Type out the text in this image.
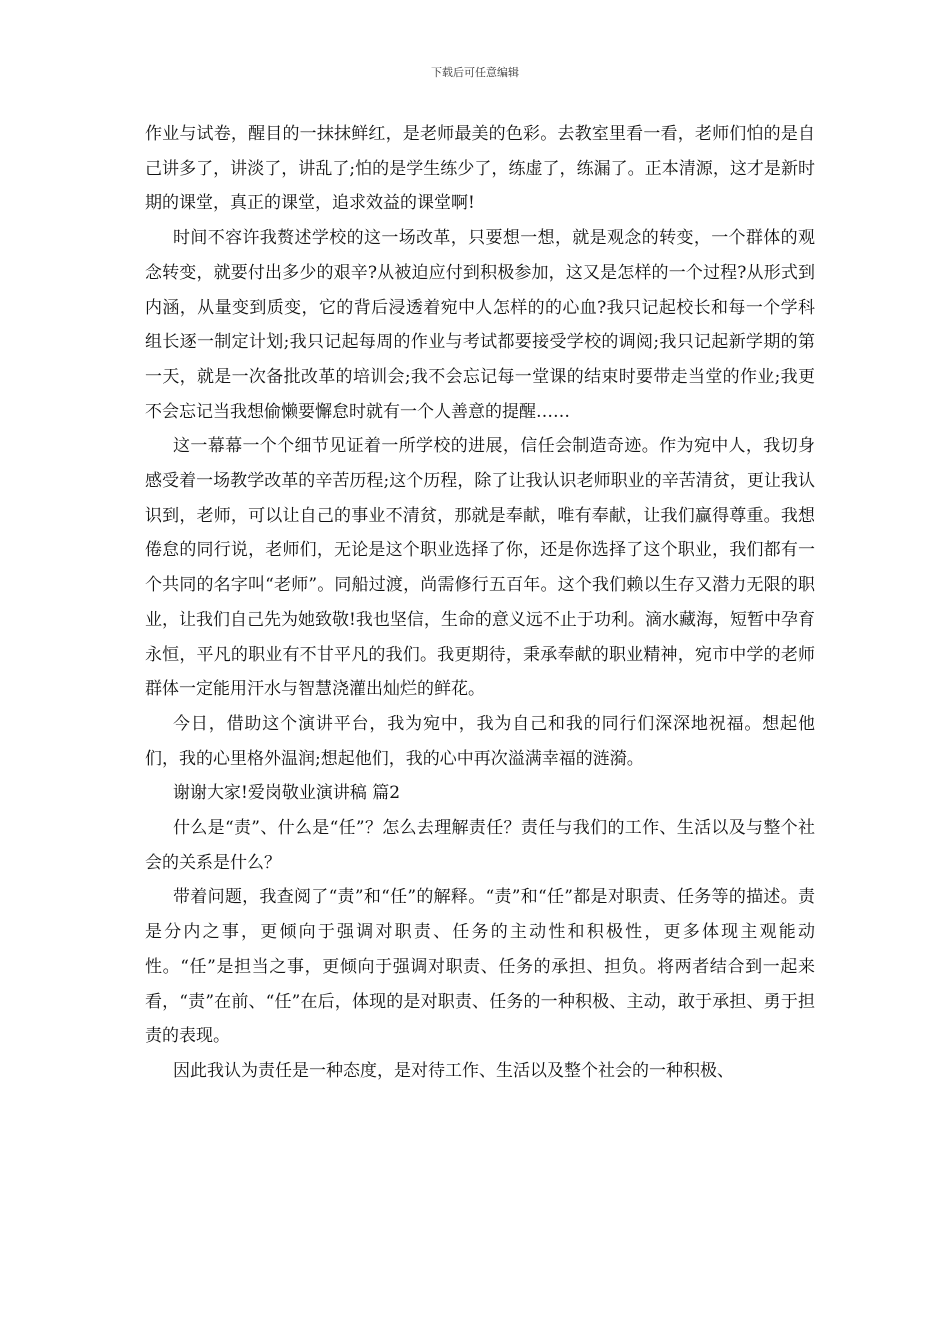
下载后可任意编辑

作业与试卷，醒目的一抹抹鲜红，是老师最美的色彩。去教室里看一看，老师们怕的是自己讲多了，讲淡了，讲乱了;怕的是学生练少了，练虚了，练漏了。正本清源，这才是新时期的课堂，真正的课堂，追求效益的课堂啊!

时间不容许我赘述学校的这一场改革，只要想一想，就是观念的转变，一个群体的观念转变，就要付出多少的艰辛?从被迫应付到积极参加，这又是怎样的一个过程?从形式到内涵，从量变到质变，它的背后浸透着宛中人怎样的的心血?我只记起校长和每一个学科组长逐一制定计划;我只记起每周的作业与考试都要接受学校的调阅;我只记起新学期的第一天，就是一次备批改革的培训会;我不会忘记每一堂课的结束时要带走当堂的作业;我更不会忘记当我想偷懒要懈怠时就有一个人善意的提醒……

这一幕幕一个个细节见证着一所学校的进展，信任会制造奇迹。作为宛中人，我切身感受着一场教学改革的辛苦历程;这个历程，除了让我认识老师职业的辛苦清贫，更让我认识到，老师，可以让自己的事业不清贫，那就是奉献，唯有奉献，让我们赢得尊重。我想倦怠的同行说，老师们，无论是这个职业选择了你，还是你选择了这个职业，我们都有一个共同的名字叫“老师”。同船过渡，尚需修行五百年。这个我们赖以生存又潜力无限的职业，让我们自己先为她致敬!我也坚信，生命的意义远不止于功利。滴水藏海，短暂中孕育永恒，平凡的职业有不甘平凡的我们。我更期待，秉承奉献的职业精神，宛市中学的老师群体一定能用汗水与智慧浇灌出灿烂的鲜花。

今日，借助这个演讲平台，我为宛中，我为自己和我的同行们深深地祝福。想起他们，我的心里格外温润;想起他们，我的心中再次溢满幸福的涟漪。

谢谢大家!爱岗敬业演讲稿 篇2

什么是“责”、什么是“任”？怎么去理解责任？责任与我们的工作、生活以及与整个社会的关系是什么？

带着问题，我查阅了“责”和“任”的解释。“责”和“任”都是对职责、任务等的描述。责是分内之事，更倾向于强调对职责、任务的主动性和积极性，更多体现主观能动性。“任”是担当之事，更倾向于强调对职责、任务的承担、担负。将两者结合到一起来看，“责”在前、“任”在后，体现的是对职责、任务的一种积极、主动，敢于承担、勇于担责的表现。

因此我认为责任是一种态度，是对待工作、生活以及整个社会的一种积极、
